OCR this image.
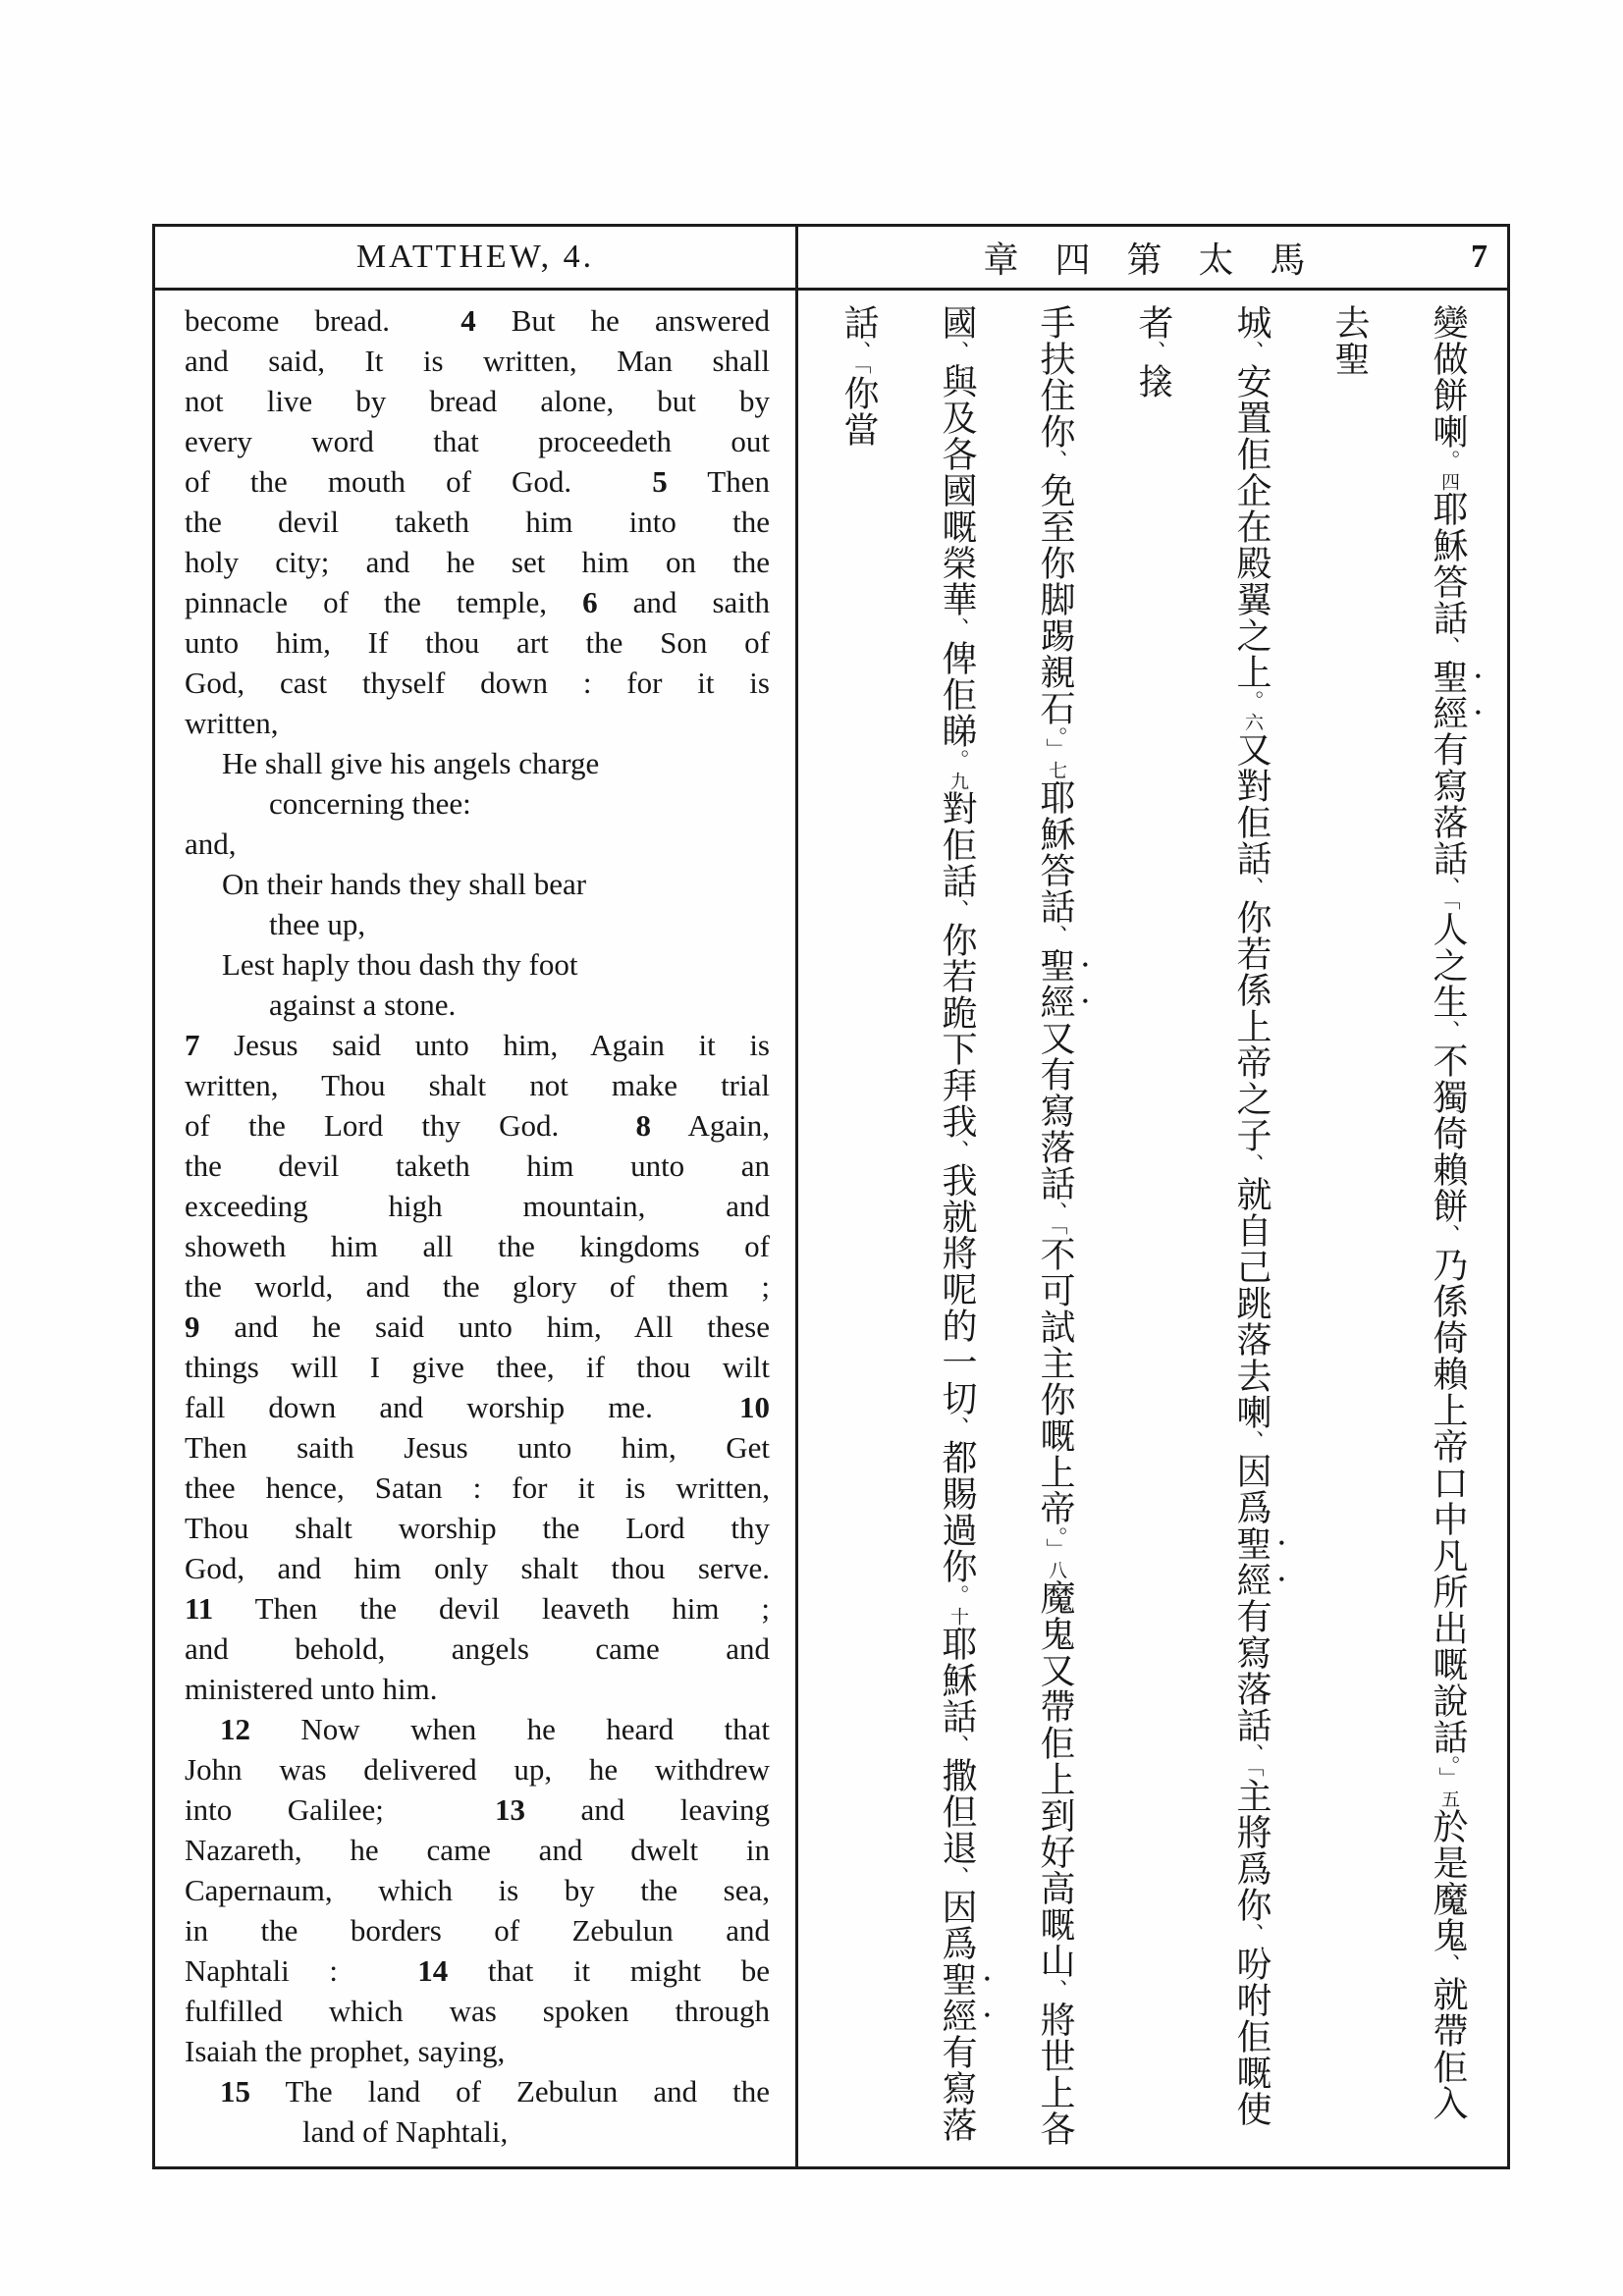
MATTHEW, 4.	章 四 第 太 馬	7
become bread.  4 But he answered
and said, It is written, Man shall
not live by bread alone, but by
every word that proceedeth out
of the mouth of God.  5 Then
the devil taketh him into the
holy city; and he set him on the
pinnacle of the temple, 6 and saith
unto him, If thou art the Son of
God, cast thyself down : for it is
written,
He shall give his angels charge
concerning thee:
and,
On their hands they shall bear
thee up,
Lest haply thou dash thy foot
against a stone.
7 Jesus said unto him, Again it is
written, Thou shalt not make trial
of the Lord thy God.  8 Again,
the devil taketh him unto an
exceeding high mountain, and
showeth him all the kingdoms of
the world, and the glory of them ;
9 and he said unto him, All these
things will I give thee, if thou wilt
fall down and worship me.  10
Then saith Jesus unto him, Get
thee hence, Satan : for it is written,
Thou shalt worship the Lord thy
God, and him only shalt thou serve.
11 Then the devil leaveth him ;
and behold, angels came and
ministered unto him.
12 Now when he heard that
John was delivered up, he withdrew
into Galilee;  13 and leaving
Nazareth, he came and dwelt in
Capernaum, which is by the sea,
in the borders of Zebulun and
Naphtali :  14 that it might be
fulfilled which was spoken through
Isaiah the prophet, saying,
15 The land of Zebulun and the
land of Naphtali,
變做餅喇。四耶穌答話、聖經有寫落話、「人之生、不獨倚賴餅、乃係倚賴上帝口中凡所出嘅說話。」五於是魔鬼、就帶佢入去聖
城、安置佢企在殿翼之上。六又對佢話、你若係上帝之子、就自己跳落去喇、因爲聖經有寫落話、「主將爲你、吩咐佢嘅使者、搇
手扶住你、免至你脚踢親石。」七耶穌答話、聖經又有寫落話、「不可試主你嘅上帝。」八魔鬼又帶佢上到好高嘅山、將世上各
國、與及各國嘅榮華、俾佢睇。九對佢話、你若跪下拜我、我就將呢的一切、都賜過你。十耶穌話、撒但退、因爲聖經有寫落話、「你當
